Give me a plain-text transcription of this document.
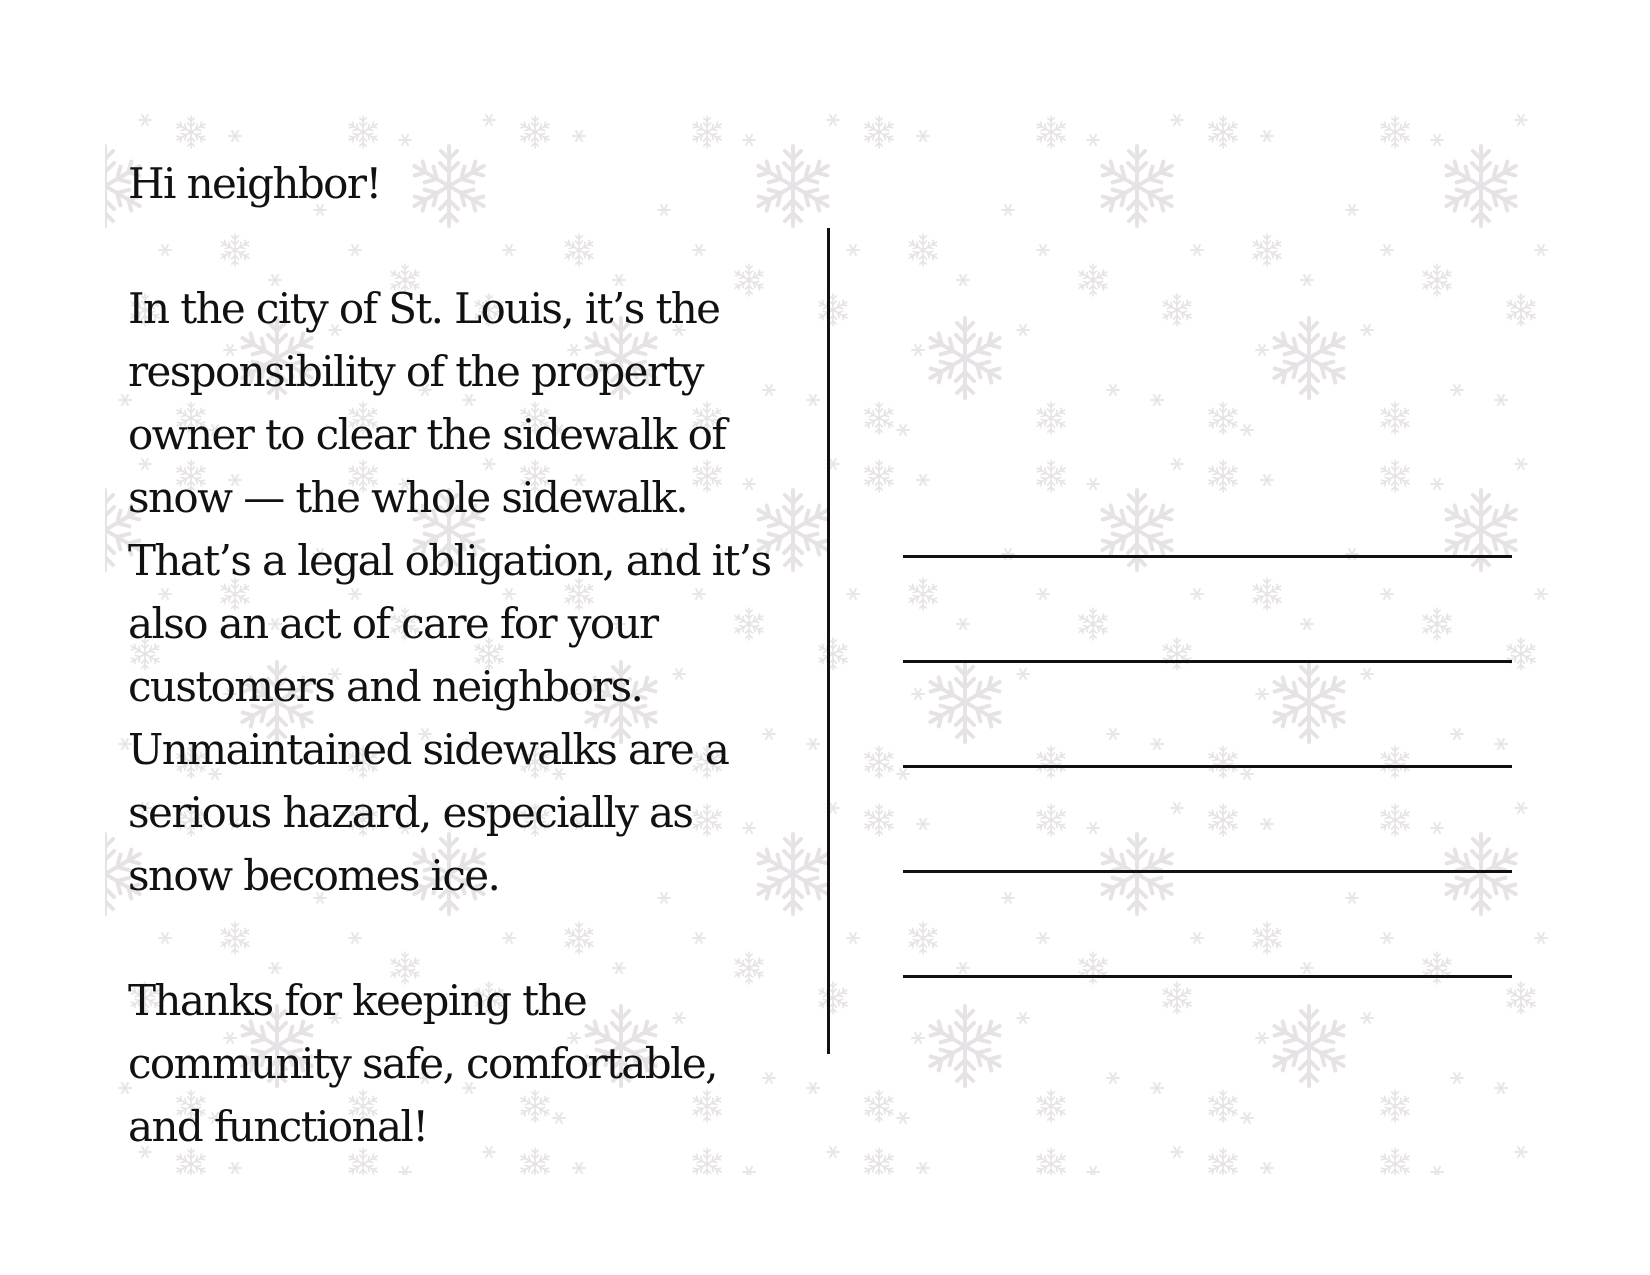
Hi neighbor!

In the city of St. Louis, it’s the
responsibility of the property
owner to clear the sidewalk of
snow — the whole sidewalk.
That’s a legal obligation, and it’s
also an act of care for your
customers and neighbors.
Unmaintained sidewalks are a
serious hazard, especially as
snow becomes ice.

Thanks for keeping the
community safe, comfortable,
and functional!
